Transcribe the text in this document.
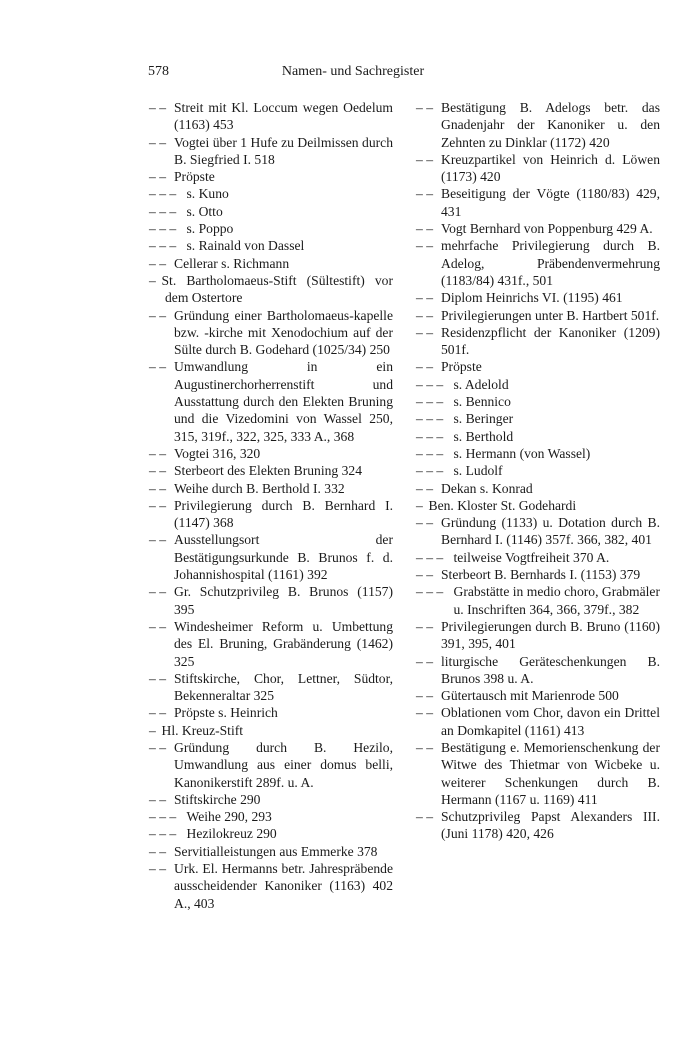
578	Namen- und Sachregister
– – Streit mit Kl. Loccum wegen Oedelum (1163) 453
– – Vogtei über 1 Hufe zu Deilmissen durch B. Siegfried I. 518
– – Pröpste
– – – s. Kuno
– – – s. Otto
– – – s. Poppo
– – – s. Rainald von Dassel
– – Cellerar s. Richmann
– St. Bartholomaeus-Stift (Sültestift) vor dem Ostertore
– – Gründung einer Bartholomaeus-kapelle bzw. -kirche mit Xenodochium auf der Sülte durch B. Godehard (1025/34) 250
– – Umwandlung in ein Augustinerchorherrenstift und Ausstattung durch den Elekten Bruning und die Vizedomini von Wassel 250, 315, 319f., 322, 325, 333 A., 368
– – Vogtei 316, 320
– – Sterbeort des Elekten Bruning 324
– – Weihe durch B. Berthold I. 332
– – Privilegierung durch B. Bernhard I. (1147) 368
– – Ausstellungsort der Bestätigungsurkunde B. Brunos f. d. Johannishospital (1161) 392
– – Gr. Schutzprivileg B. Brunos (1157) 395
– – Windesheimer Reform u. Umbettung des El. Bruning, Grabänderung (1462) 325
– – Stiftskirche, Chor, Lettner, Südtor, Bekenneraltar 325
– – Pröpste s. Heinrich
– Hl. Kreuz-Stift
– – Gründung durch B. Hezilo, Umwandlung aus einer domus belli, Kanonikerstift 289f. u. A.
– – Stiftskirche 290
– – – Weihe 290, 293
– – – Hezilokreuz 290
– – Servitialleistungen aus Emmerke 378
– – Urk. El. Hermanns betr. Jahrespräbende ausscheidender Kanoniker (1163) 402 A., 403
– – Bestätigung B. Adelogs betr. das Gnadenjahr der Kanoniker u. den Zehnten zu Dinklar (1172) 420
– – Kreuzpartikel von Heinrich d. Löwen (1173) 420
– – Beseitigung der Vögte (1180/83) 429, 431
– – Vogt Bernhard von Poppenburg 429 A.
– – mehrfache Privilegierung durch B. Adelog, Präbendenvermehrung (1183/84) 431f., 501
– – Diplom Heinrichs VI. (1195) 461
– – Privilegierungen unter B. Hartbert 501f.
– – Residenzpflicht der Kanoniker (1209) 501f.
– – Pröpste
– – – s. Adelold
– – – s. Bennico
– – – s. Beringer
– – – s. Berthold
– – – s. Hermann (von Wassel)
– – – s. Ludolf
– – Dekan s. Konrad
– Ben. Kloster St. Godehardi
– – Gründung (1133) u. Dotation durch B. Bernhard I. (1146) 357f. 366, 382, 401
– – – teilweise Vogtfreiheit 370 A.
– – Sterbeort B. Bernhards I. (1153) 379
– – – Grabstätte in medio choro, Grabmäler u. Inschriften 364, 366, 379f., 382
– – Privilegierungen durch B. Bruno (1160) 391, 395, 401
– – liturgische Geräteschenkungen B. Brunos 398 u. A.
– – Gütertausch mit Marienrode 500
– – Oblationen vom Chor, davon ein Drittel an Domkapitel (1161) 413
– – Bestätigung e. Memorienschenkung der Witwe des Thietmar von Wicbeke u. weiterer Schenkungen durch B. Hermann (1167 u. 1169) 411
– – Schutzprivileg Papst Alexanders III. (Juni 1178) 420, 426
